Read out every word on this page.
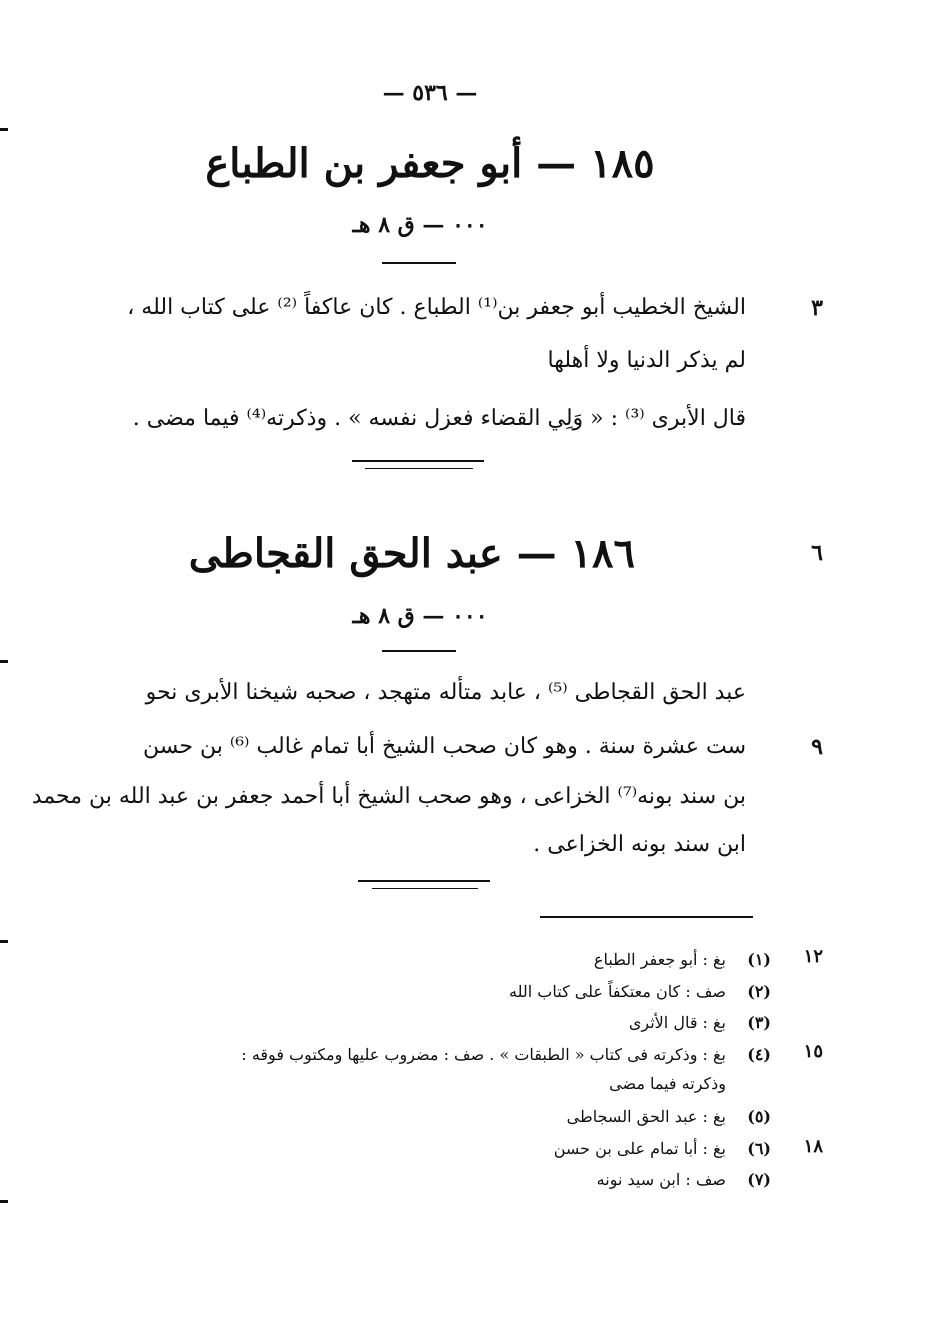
— ٥٣٦ —
١٨٥ — أبو جعفر بن الطباع
٠٠٠ — ق ٨ هـ
٣
الشيخ الخطيب أبو جعفر بن⁽¹⁾ الطباع . كان عاكفاً ⁽²⁾ على كتاب الله ،
لم يذكر الدنيا ولا أهلها
قال الأبرى ⁽³⁾ : « وَلِي القضاء فعزل نفسه » . وذكرته⁽⁴⁾ فيما مضى .
٦
١٨٦ — عبد الحق القجاطى
٠٠٠ — ق ٨ هـ
عبد الحق القجاطى ⁽⁵⁾ ، عابد متأله متهجد ، صحبه شيخنا الأبرى نحو
٩
ست عشرة سنة . وهو كان صحب الشيخ أبا تمام غالب ⁽⁶⁾ بن حسن
بن سند بونه⁽⁷⁾ الخزاعى ، وهو صحب الشيخ أبا أحمد جعفر بن عبد الله بن محمد
ابن سند بونه الخزاعى .
١٢
(١)
بغ : أبو جعفر الطباع
(٢)
صف : كان معتكفاً على كتاب الله
(٣)
بغ : قال الأثرى
١٥
(٤)
بغ : وذكرته فى كتاب « الطبقات » . صف : مضروب عليها ومكتوب فوقه :
وذكرته فيما مضى
(٥)
بغ : عبد الحق السجاطى
١٨
(٦)
بغ : أبا تمام على بن حسن
(٧)
صف : ابن سيد نونه
